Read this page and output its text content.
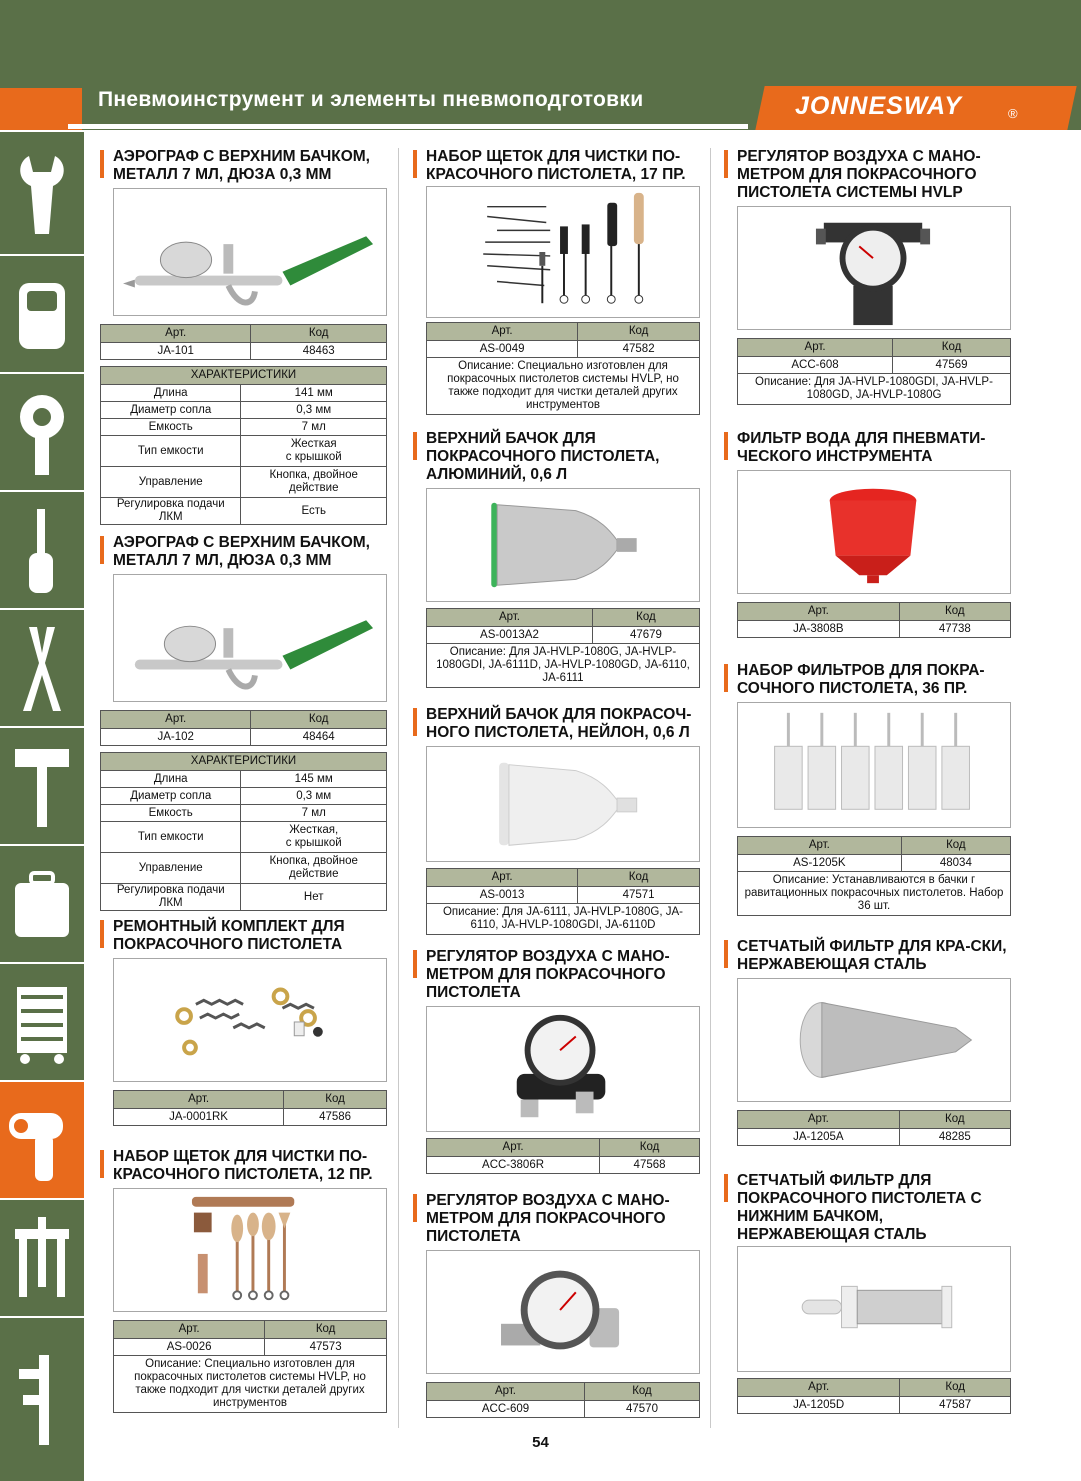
Пневмоинструмент и элементы пневмоподготовки	JONNESWAY	®
АЭРОГРАФ С ВЕРХНИМ БАЧКОМ, МЕТАЛЛ 7 МЛ, ДЮЗА 0,3 ММ
Арт.	Код
JA-101	48463
ХАРАКТЕРИСТИКИ	
Длина	141 мм
Диаметр сопла	0,3 мм
Емкость	7 мл
Тип емкости	Жесткая
с крышкой
Управление	Кнопка, двойное действие
Регулировка подачи ЛКМ	Есть
АЭРОГРАФ С ВЕРХНИМ БАЧКОМ, МЕТАЛЛ 7 МЛ, ДЮЗА 0,3 ММ
Арт.	Код
JA-102	48464
ХАРАКТЕРИСТИКИ	
Длина	145 мм
Диаметр сопла	0,3 мм
Емкость	7 мл
Тип емкости	Жесткая,
с крышкой
Управление	Кнопка, двойное действие
Регулировка подачи ЛКМ	Нет
РЕМОНТНЫЙ КОМПЛЕКТ ДЛЯ ПОКРАСОЧНОГО ПИСТОЛЕТА
Арт.	Код
JA-0001RK	47586
НАБОР ЩЕТОК ДЛЯ ЧИСТКИ ПО-КРАСОЧНОГО ПИСТОЛЕТА, 12 ПР.
Арт.	Код
AS-0026	47573
Описание: Специально изготовлен для покрасочных пистолетов системы HVLP, но также подходит для чистки деталей других инструментов	
НАБОР ЩЕТОК ДЛЯ ЧИСТКИ ПО-КРАСОЧНОГО ПИСТОЛЕТА, 17 ПР.
Арт.	Код
AS-0049	47582
Описание: Специально изготовлен для покрасочных пистолетов системы HVLP, но также подходит для чистки деталей других инструментов	
ВЕРХНИЙ БАЧОК ДЛЯ ПОКРАСОЧНОГО ПИСТОЛЕТА, АЛЮМИНИЙ, 0,6 Л
Арт.	Код
AS-0013A2	47679
Описание: Для JA-HVLP-1080G, JA-HVLP-1080GDI, JA-6111D, JA-HVLP-1080GD, JA-6110, JA-6111	
ВЕРХНИЙ БАЧОК ДЛЯ ПОКРАСОЧ-НОГО ПИСТОЛЕТА, НЕЙЛОН, 0,6 Л
Арт.	Код
AS-0013	47571
Описание: Для JA-6111, JA-HVLP-1080G, JA-6110, JA-HVLP-1080GDI, JA-6110D	
РЕГУЛЯТОР ВОЗДУХА С МАНО-МЕТРОМ ДЛЯ ПОКРАСОЧНОГО ПИСТОЛЕТА
Арт.	Код
ACC-3806R	47568
РЕГУЛЯТОР ВОЗДУХА С МАНО-МЕТРОМ ДЛЯ ПОКРАСОЧНОГО ПИСТОЛЕТА
Арт.	Код
ACC-609	47570
РЕГУЛЯТОР ВОЗДУХА С МАНО-МЕТРОМ ДЛЯ ПОКРАСОЧНОГО ПИСТОЛЕТА СИСТЕМЫ HVLP
Арт.	Код
ACC-608	47569
Описание: Для JA-HVLP-1080GDI, JA-HVLP-1080GD, JA-HVLP-1080G	
ФИЛЬТР ВОДА ДЛЯ ПНЕВМАТИ-ЧЕСКОГО ИНСТРУМЕНТА
Арт.	Код
JA-3808B	47738
НАБОР ФИЛЬТРОВ ДЛЯ ПОКРА-СОЧНОГО ПИСТОЛЕТА, 36 ПР.
Арт.	Код
AS-1205K	48034
Описание: Устанавливаются в бачки г равитационных покрасочных пистолетов. Набор 36 шт.	
СЕТЧАТЫЙ ФИЛЬТР ДЛЯ КРА-СКИ, НЕРЖАВЕЮЩАЯ СТАЛЬ
Арт.	Код
JA-1205A	48285
СЕТЧАТЫЙ ФИЛЬТР ДЛЯ ПОКРАСОЧНОГО ПИСТОЛЕТА С НИЖНИМ БАЧКОМ, НЕРЖАВЕЮЩАЯ СТАЛЬ
Арт.	Код
JA-1205D	47587
54
